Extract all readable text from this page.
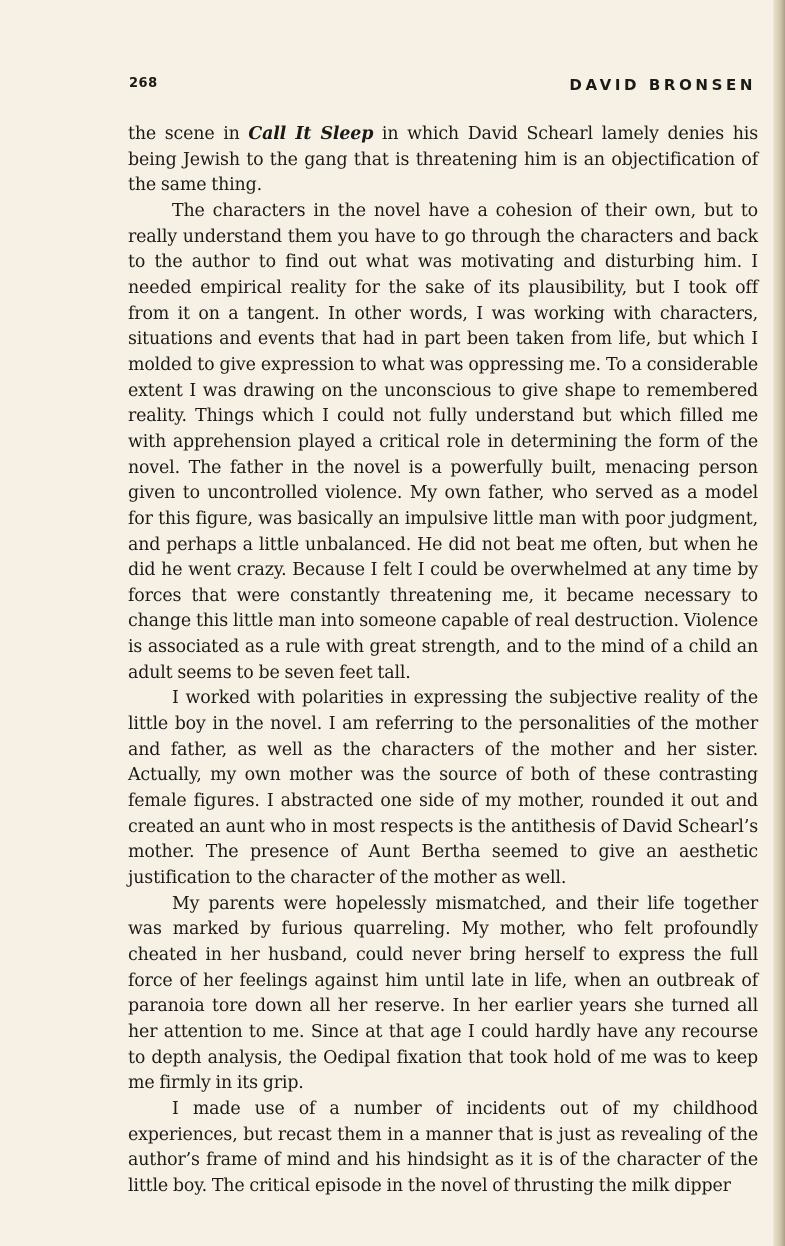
268	DAVID BRONSEN

the scene in Call It Sleep in which David Schearl lamely denies his being Jewish to the gang that is threatening him is an objectification of the same thing.

The characters in the novel have a cohesion of their own, but to really understand them you have to go through the characters and back to the author to find out what was motivating and disturbing him. I needed empirical reality for the sake of its plausibility, but I took off from it on a tangent. In other words, I was working with characters, situations and events that had in part been taken from life, but which I molded to give expression to what was oppressing me. To a considerable extent I was drawing on the unconscious to give shape to remembered reality. Things which I could not fully understand but which filled me with apprehension played a critical role in determining the form of the novel. The father in the novel is a powerfully built, menacing person given to uncontrolled violence. My own father, who served as a model for this figure, was basically an impulsive little man with poor judgment, and perhaps a little unbalanced. He did not beat me often, but when he did he went crazy. Because I felt I could be overwhelmed at any time by forces that were constantly threatening me, it became necessary to change this little man into someone capable of real destruction. Violence is associated as a rule with great strength, and to the mind of a child an adult seems to be seven feet tall.

I worked with polarities in expressing the subjective reality of the little boy in the novel. I am referring to the personalities of the mother and father, as well as the characters of the mother and her sister. Actually, my own mother was the source of both of these contrasting female figures. I abstracted one side of my mother, rounded it out and created an aunt who in most respects is the antithesis of David Schearl’s mother. The presence of Aunt Bertha seemed to give an aesthetic justification to the character of the mother as well.

My parents were hopelessly mismatched, and their life together was marked by furious quarreling. My mother, who felt profoundly cheated in her husband, could never bring herself to express the full force of her feelings against him until late in life, when an outbreak of paranoia tore down all her reserve. In her earlier years she turned all her attention to me. Since at that age I could hardly have any recourse to depth analysis, the Oedipal fixation that took hold of me was to keep me firmly in its grip.

I made use of a number of incidents out of my childhood experiences, but recast them in a manner that is just as revealing of the author’s frame of mind and his hindsight as it is of the character of the little boy. The critical episode in the novel of thrusting the milk dipper
